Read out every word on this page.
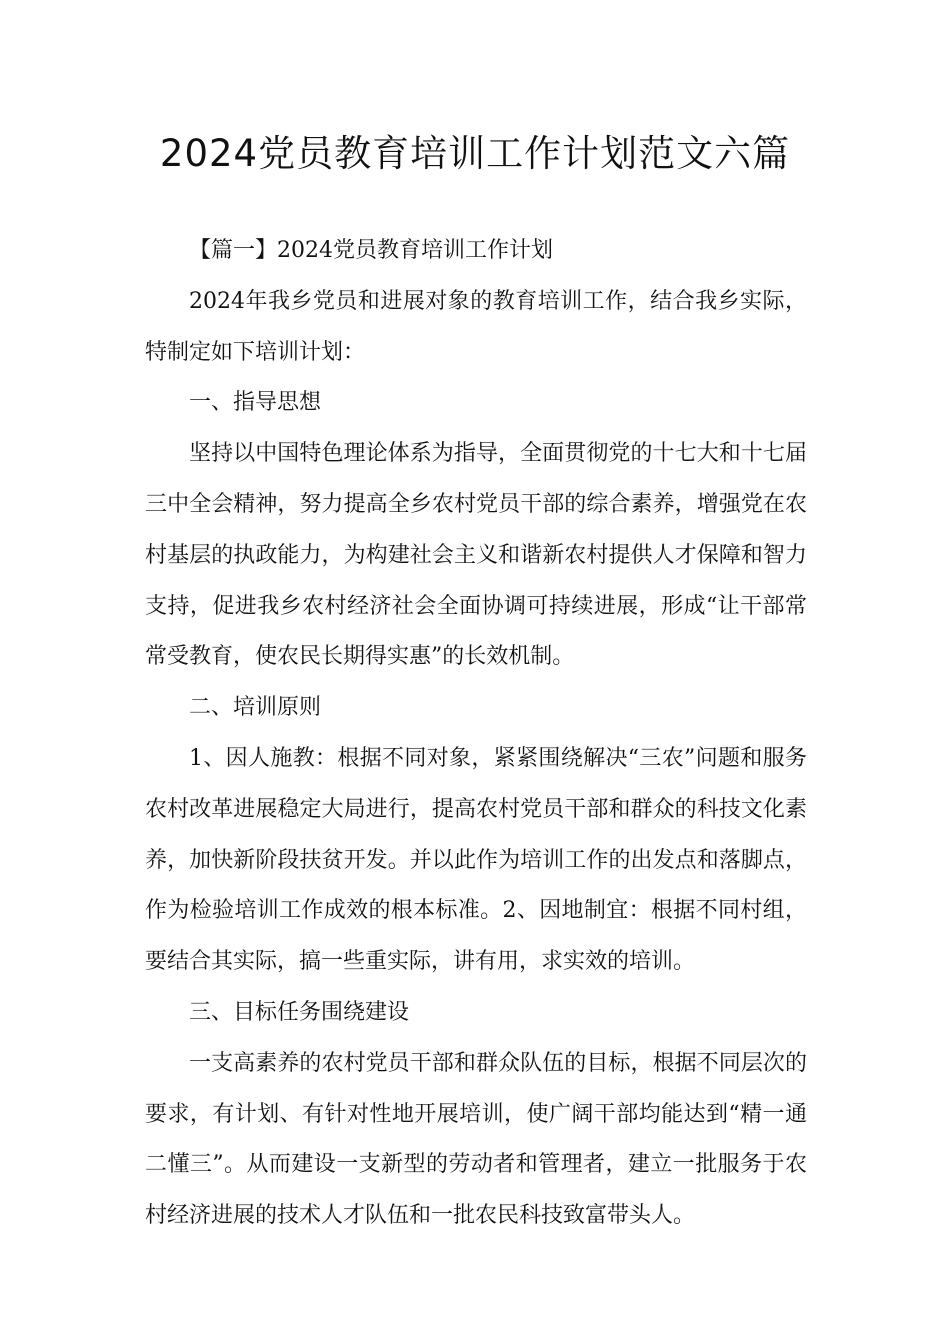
2024党员教育培训工作计划范文六篇

【篇一】2024党员教育培训工作计划

2024年我乡党员和进展对象的教育培训工作，结合我乡实际，特制定如下培训计划：

一、指导思想

坚持以中国特色理论体系为指导，全面贯彻党的十七大和十七届三中全会精神，努力提高全乡农村党员干部的综合素养，增强党在农村基层的执政能力，为构建社会主义和谐新农村提供人才保障和智力支持，促进我乡农村经济社会全面协调可持续进展，形成“让干部常常受教育，使农民长期得实惠”的长效机制。

二、培训原则

1、因人施教：根据不同对象，紧紧围绕解决“三农”问题和服务农村改革进展稳定大局进行，提高农村党员干部和群众的科技文化素养，加快新阶段扶贫开发。并以此作为培训工作的出发点和落脚点，作为检验培训工作成效的根本标准。2、因地制宜：根据不同村组，要结合其实际，搞一些重实际，讲有用，求实效的培训。

三、目标任务围绕建设

一支高素养的农村党员干部和群众队伍的目标，根据不同层次的要求，有计划、有针对性地开展培训，使广阔干部均能达到“精一通二懂三”。从而建设一支新型的劳动者和管理者，建立一批服务于农村经济进展的技术人才队伍和一批农民科技致富带头人。
